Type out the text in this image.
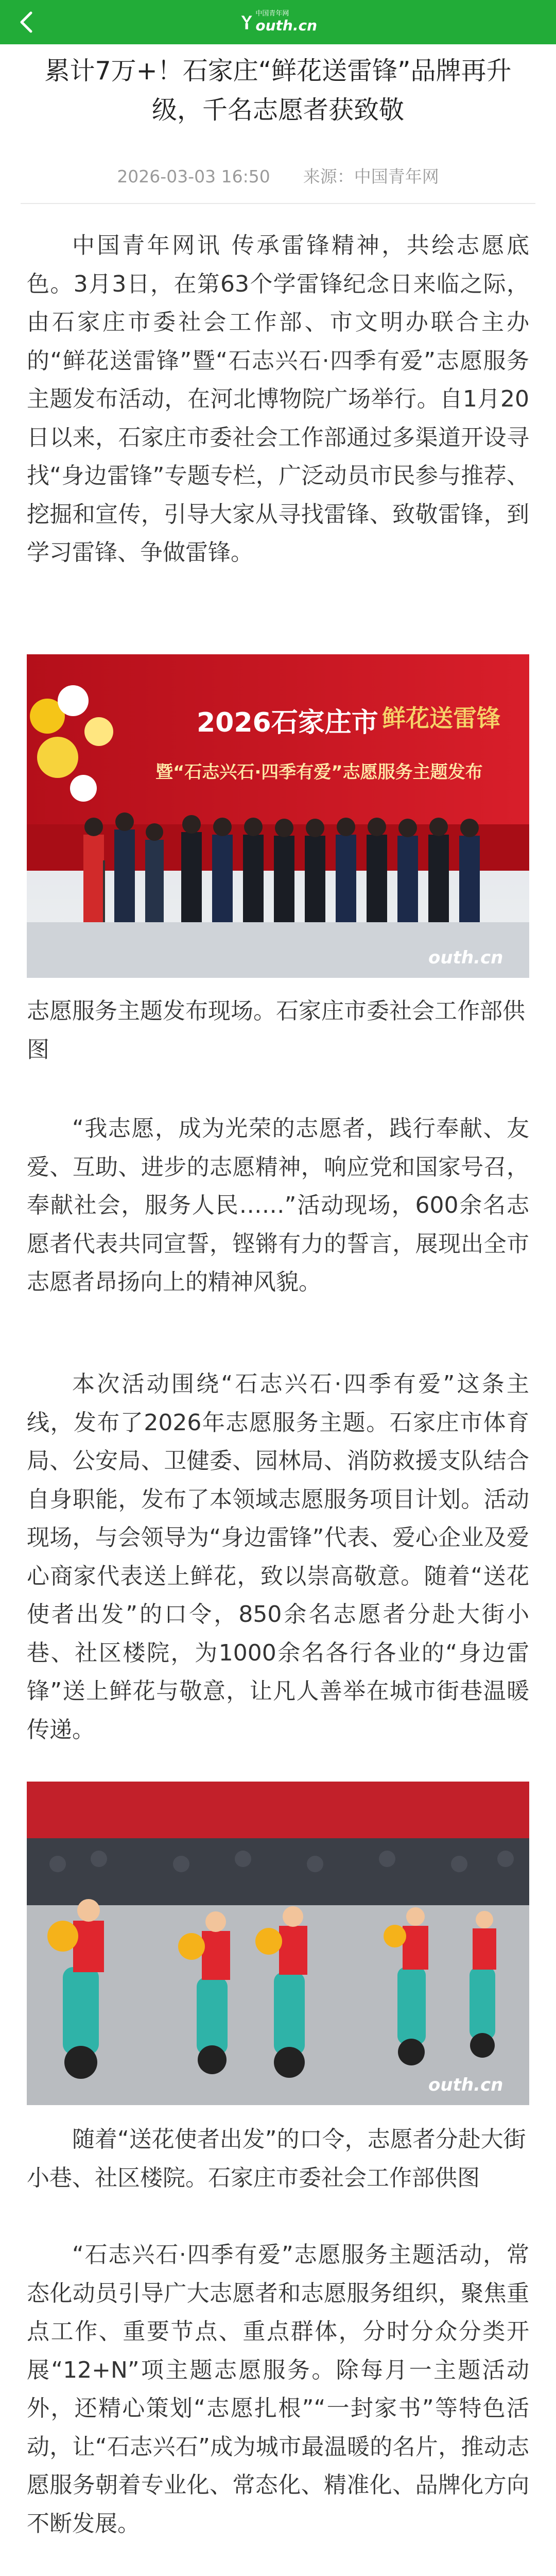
中国青年网
outh.cn
累计7万+！石家庄“鲜花送雷锋”品牌再升级，千名志愿者获致敬
2026-03-03 16:50 来源：中国青年网

中国青年网讯 传承雷锋精神，共绘志愿底色。3月3日，在第63个学雷锋纪念日来临之际，由石家庄市委社会工作部、市文明办联合主办的“鲜花送雷锋”暨“石志兴石·四季有爱”志愿服务主题发布活动，在河北博物院广场举行。自1月20日以来，石家庄市委社会工作部通过多渠道开设寻找“身边雷锋”专题专栏，广泛动员市民参与推荐、挖掘和宣传，引导大家从寻找雷锋、致敬雷锋，到学习雷锋、争做雷锋。

2026石家庄市 鲜花送雷锋
暨“石志兴石·四季有爱”志愿服务主题发布
outh.cn

志愿服务主题发布现场。石家庄市委社会工作部供图

“我志愿，成为光荣的志愿者，践行奉献、友爱、互助、进步的志愿精神，响应党和国家号召，奉献社会，服务人民……”活动现场，600余名志愿者代表共同宣誓，铿锵有力的誓言，展现出全市志愿者昂扬向上的精神风貌。

本次活动围绕“石志兴石·四季有爱”这条主线，发布了2026年志愿服务主题。石家庄市体育局、公安局、卫健委、园林局、消防救援支队结合自身职能，发布了本领域志愿服务项目计划。活动现场，与会领导为“身边雷锋”代表、爱心企业及爱心商家代表送上鲜花，致以崇高敬意。随着“送花使者出发”的口令，850余名志愿者分赴大街小巷、社区楼院，为1000余名各行各业的“身边雷锋”送上鲜花与敬意，让凡人善举在城市街巷温暖传递。

outh.cn

随着“送花使者出发”的口令，志愿者分赴大街小巷、社区楼院。石家庄市委社会工作部供图

“石志兴石·四季有爱”志愿服务主题活动，常态化动员引导广大志愿者和志愿服务组织，聚焦重点工作、重要节点、重点群体，分时分众分类开展“12+N”项主题志愿服务。除每月一主题活动外，还精心策划“志愿扎根”“一封家书”等特色活动，让“石志兴石”成为城市最温暖的名片，推动志愿服务朝着专业化、常态化、精准化、品牌化方向不断发展。
